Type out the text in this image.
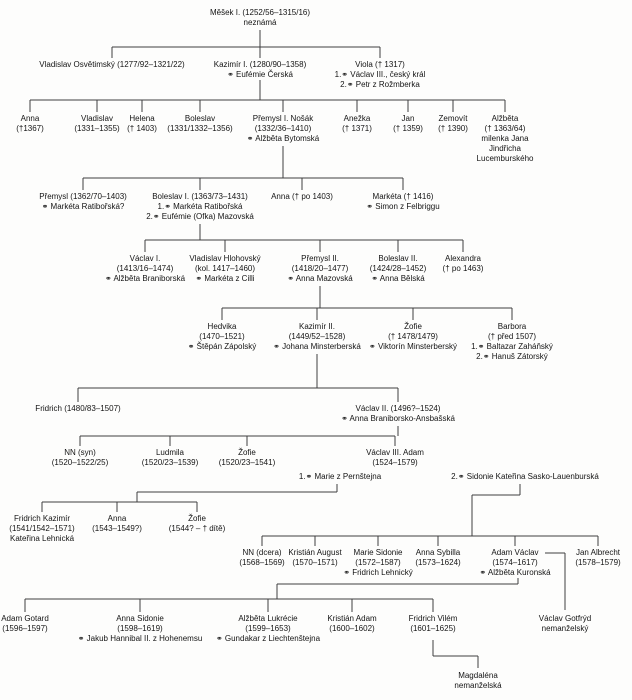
Měšek I. (1252/56–1315/16)
neznámá
Vladislav Osvětimský (1277/92–1321/22)	Kazimír I. (1280/90–1358)
⚭ Eufémie Čerská
Viola († 1317)
1.⚭ Václav III., český král
2.⚭ Petr z Rožmberka
Anna
(†1367)
Vladislav
(1331–1355)
Helena
(† 1403)
Boleslav
(1331/1332–1356)
Přemysl I. Nošák
(1332/36–1410)
⚭ Alžběta Bytomská
Anežka
(† 1371)
Jan
(† 1359)
Zemovít
(† 1390)
Alžběta
(† 1363/64)
milenka Jana
Jindřicha
Lucemburského
Přemysl (1362/70–1403)
⚭ Markéta Ratibořská?
Boleslav I. (1363/73–1431)
1.⚭ Markéta Ratibořská
2.⚭ Eufémie (Ofka) Mazovská
Anna († po 1403)	Markéta († 1416)
⚭ Simon z Felbriggu
Václav I.
(1413/16–1474)
⚭ Alžběta Braniborská
Vladislav Hlohovský
(kol. 1417–1460)
⚭ Markéta z Cilli
Přemysl II.
(1418/20–1477)
⚭ Anna Mazovská
Boleslav II.
(1424/28–1452)
⚭ Anna Bělská
Alexandra
(† po 1463)
Hedvika
(1470–1521)
⚭ Štěpán Zápolský
Kazimír II.
(1449/52–1528)
⚭ Johana Minsterberská
Žofie
(† 1478/1479)
⚭ Viktorín Minsterberský
Barbora
(† před 1507)
1.⚭ Baltazar Zaháňský
2.⚭ Hanuš Zátorský
Fridrich (1480/83–1507)	Václav II. (1496?–1524)
⚭ Anna Braniborsko-Ansbašská
NN (syn)
(1520–1522/25)
Ludmila
(1520/23–1539)
Žofie
(1520/23–1541)
Václav III. Adam
(1524–1579)
1.⚭ Marie z Pernštejna	2.⚭ Sidonie Kateřina Sasko-Lauenburská
Fridrich Kazimír
(1541/1542–1571)
Kateřina Lehnická
Anna
(1543–1549?)
Žofie
(1544? – † dítě)
NN (dcera)
(1568–1569)
Kristián August
(1570–1571)
Marie Sidonie
(1572–1587)
⚭ Fridrich Lehnický
Anna Sybilla
(1573–1624)
Adam Václav
(1574–1617)
⚭ Alžběta Kuronská
Jan Albrecht
(1578–1579)
Adam Gotard
(1596–1597)
Anna Sidonie
(1598–1619)
⚭ Jakub Hannibal II. z Hohenemsu
Alžběta Lukrécie
(1599–1653)
⚭ Gundakar z Liechtenštejna
Kristián Adam
(1600–1602)
Fridrich Vilém
(1601–1625)
Václav Gotfrýd
nemanželský
Magdaléna
nemanželská
